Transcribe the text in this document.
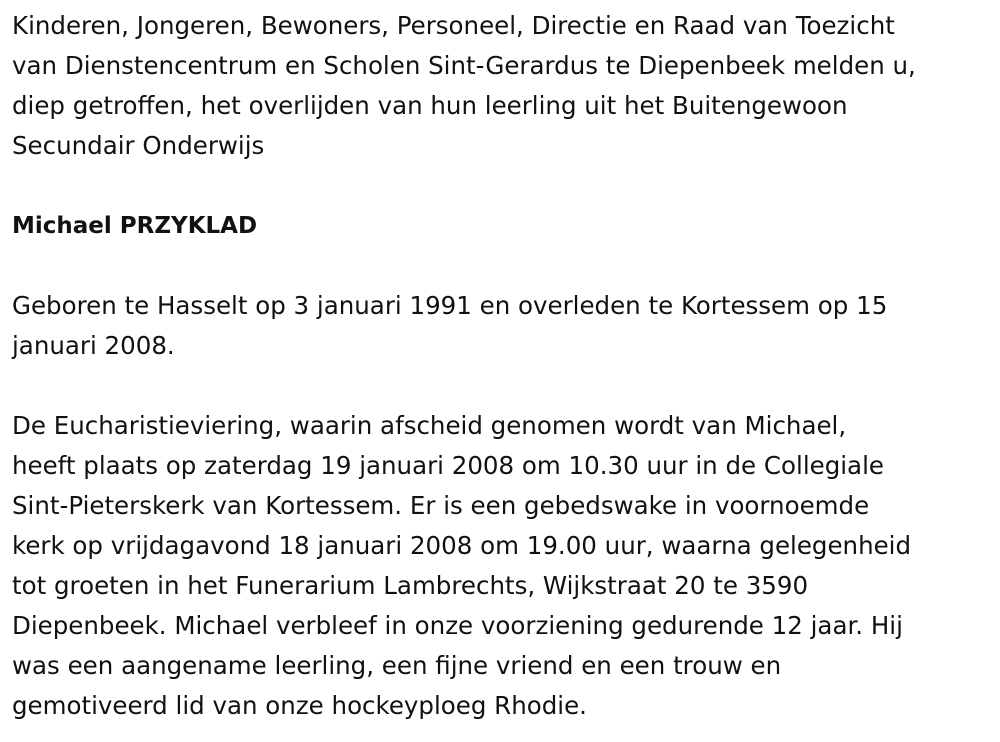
Kinderen, Jongeren, Bewoners, Personeel, Directie en Raad van Toezicht
van Dienstencentrum en Scholen Sint-Gerardus te Diepenbeek melden u,
diep getroffen, het overlijden van hun leerling uit het Buitengewoon
Secundair Onderwijs

Michael PRZYKLAD

Geboren te Hasselt op 3 januari 1991 en overleden te Kortessem op 15
januari 2008.

De Eucharistieviering, waarin afscheid genomen wordt van Michael,
heeft plaats op zaterdag 19 januari 2008 om 10.30 uur in de Collegiale
Sint-Pieterskerk van Kortessem. Er is een gebedswake in voornoemde
kerk op vrijdagavond 18 januari 2008 om 19.00 uur, waarna gelegenheid
tot groeten in het Funerarium Lambrechts, Wijkstraat 20 te 3590
Diepenbeek. Michael verbleef in onze voorziening gedurende 12 jaar. Hij
was een aangename leerling, een fijne vriend en een trouw en
gemotiveerd lid van onze hockeyploeg Rhodie.
